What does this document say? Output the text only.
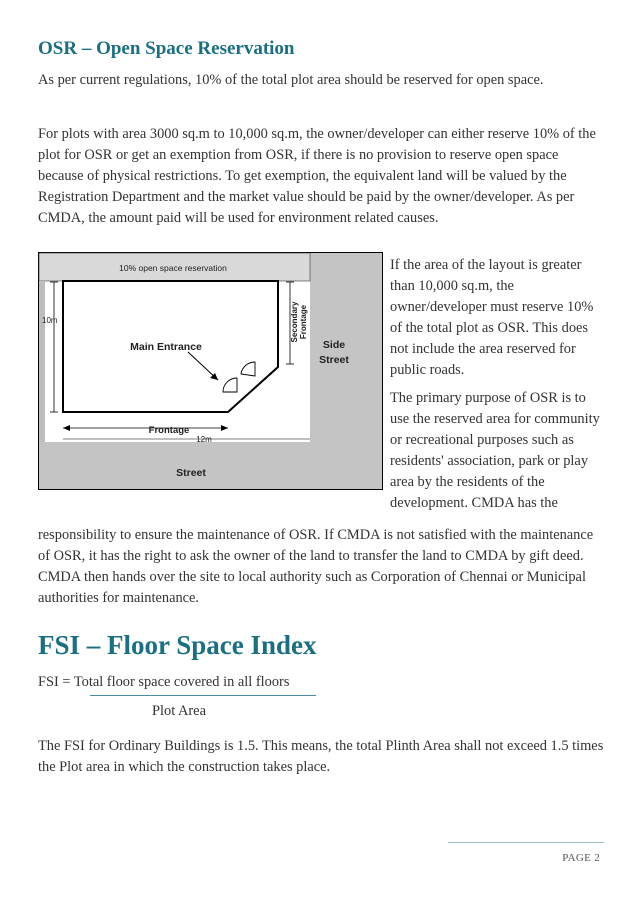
OSR – Open Space Reservation

As per current regulations, 10% of the total plot area should be reserved for open space.

For plots with area 3000 sq.m to 10,000 sq.m, the owner/developer can either reserve 10% of the plot for OSR or get an exemption from OSR, if there is no provision to reserve open space because of physical restrictions. To get exemption, the equivalent land will be valued by the Registration Department and the market value should be paid by the owner/developer. As per CMDA, the amount paid will be used for environment related causes.

10% open space reservation
10m
Main Entrance
Secondary Frontage
Side
Street
Frontage
12m
Street

If the area of the layout is greater than 10,000 sq.m, the owner/developer must reserve 10% of the total plot as OSR. This does not include the area reserved for public roads.

The primary purpose of OSR is to use the reserved area for community or recreational purposes such as residents' association, park or play area by the residents of the development. CMDA has the

responsibility to ensure the maintenance of OSR. If CMDA is not satisfied with the maintenance of OSR, it has the right to ask the owner of the land to transfer the land to CMDA by gift deed. CMDA then hands over the site to local authority such as Corporation of Chennai or Municipal authorities for maintenance.

FSI – Floor Space Index

FSI = Total floor space covered in all floors

Plot Area

The FSI for Ordinary Buildings is 1.5. This means, the total Plinth Area shall not exceed 1.5 times the Plot area in which the construction takes place.

PAGE 2
